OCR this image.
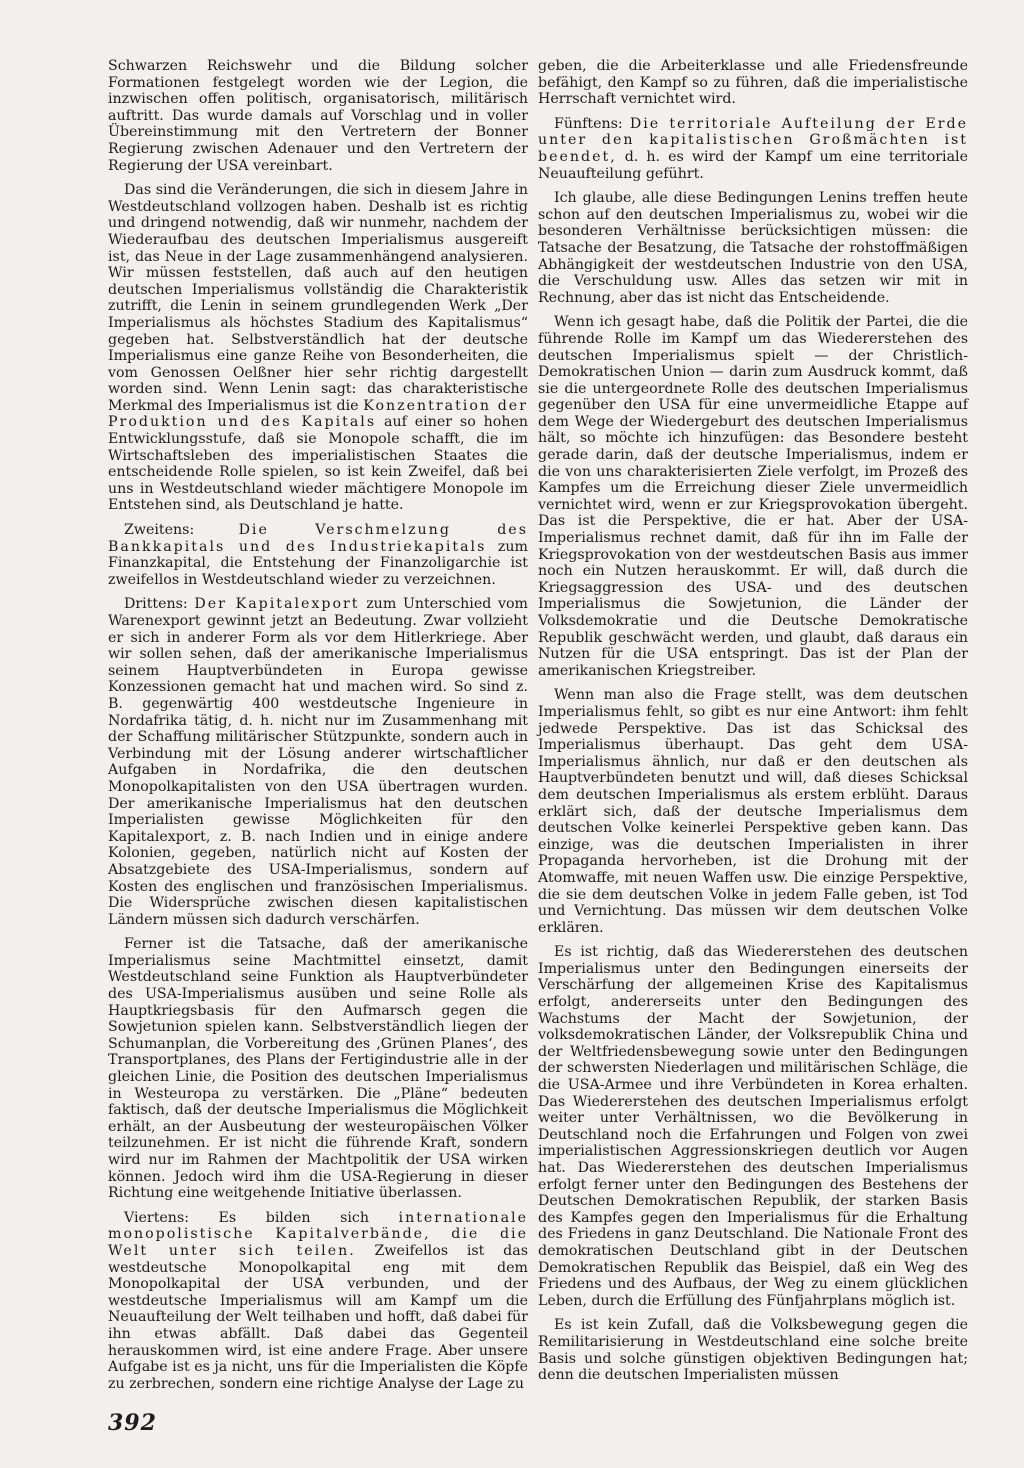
Schwarzen Reichswehr und die Bildung solcher Formationen festgelegt worden wie der Legion, die inzwischen offen politisch, organisatorisch, militärisch auftritt. Das wurde damals auf Vorschlag und in voller Übereinstimmung mit den Vertretern der Bonner Regierung zwischen Adenauer und den Vertretern der Regierung der USA vereinbart.

Das sind die Veränderungen, die sich in diesem Jahre in Westdeutschland vollzogen haben. Deshalb ist es richtig und dringend notwendig, daß wir nunmehr, nachdem der Wiederaufbau des deutschen Imperialismus ausgereift ist, das Neue in der Lage zusammenhängend analysieren. Wir müssen feststellen, daß auch auf den heutigen deutschen Imperialismus vollständig die Charakteristik zutrifft, die Lenin in seinem grundlegenden Werk „Der Imperialismus als höchstes Stadium des Kapitalismus“ gegeben hat. Selbstverständlich hat der deutsche Imperialismus eine ganze Reihe von Besonderheiten, die vom Genossen Oelßner hier sehr richtig dargestellt worden sind. Wenn Lenin sagt: das charakteristische Merkmal des Imperialismus ist die Konzentration der Produktion und des Kapitals auf einer so hohen Entwicklungsstufe, daß sie Monopole schafft, die im Wirtschaftsleben des imperialistischen Staates die entscheidende Rolle spielen, so ist kein Zweifel, daß bei uns in Westdeutschland wieder mächtigere Monopole im Entstehen sind, als Deutschland je hatte.

Zweitens: Die Verschmelzung des Bankkapitals und des Industriekapitals zum Finanzkapital, die Entstehung der Finanzoligarchie ist zweifellos in Westdeutschland wieder zu verzeichnen.

Drittens: Der Kapitalexport zum Unterschied vom Warenexport gewinnt jetzt an Bedeutung. Zwar vollzieht er sich in anderer Form als vor dem Hitlerkriege. Aber wir sollen sehen, daß der amerikanische Imperialismus seinem Hauptverbündeten in Europa gewisse Konzessionen gemacht hat und machen wird. So sind z. B. gegenwärtig 400 westdeutsche Ingenieure in Nordafrika tätig, d. h. nicht nur im Zusammenhang mit der Schaffung militärischer Stützpunkte, sondern auch in Verbindung mit der Lösung anderer wirtschaftlicher Aufgaben in Nordafrika, die den deutschen Monopolkapitalisten von den USA übertragen wurden. Der amerikanische Imperialismus hat den deutschen Imperialisten gewisse Möglichkeiten für den Kapitalexport, z. B. nach Indien und in einige andere Kolonien, gegeben, natürlich nicht auf Kosten der Absatzgebiete des USA-Imperialismus, sondern auf Kosten des englischen und französischen Imperialismus. Die Widersprüche zwischen diesen kapitalistischen Ländern müssen sich dadurch verschärfen.

Ferner ist die Tatsache, daß der amerikanische Imperialismus seine Machtmittel einsetzt, damit Westdeutschland seine Funktion als Hauptverbündeter des USA-Imperialismus ausüben und seine Rolle als Hauptkriegsbasis für den Aufmarsch gegen die Sowjetunion spielen kann. Selbstverständlich liegen der Schumanplan, die Vorbereitung des ‚Grünen Planes‘, des Transportplanes, des Plans der Fertigindustrie alle in der gleichen Linie, die Position des deutschen Imperialismus in Westeuropa zu verstärken. Die „Pläne“ bedeuten faktisch, daß der deutsche Imperialismus die Möglichkeit erhält, an der Ausbeutung der westeuropäischen Völker teilzunehmen. Er ist nicht die führende Kraft, sondern wird nur im Rahmen der Machtpolitik der USA wirken können. Jedoch wird ihm die USA-Regierung in dieser Richtung eine weitgehende Initiative überlassen.

Viertens: Es bilden sich internationale monopolistische Kapitalverbände, die die Welt unter sich teilen. Zweifellos ist das westdeutsche Monopolkapital eng mit dem Monopolkapital der USA verbunden, und der westdeutsche Imperialismus will am Kampf um die Neuaufteilung der Welt teilhaben und hofft, daß dabei für ihn etwas abfällt. Daß dabei das Gegenteil herauskommen wird, ist eine andere Frage. Aber unsere Aufgabe ist es ja nicht, uns für die Imperialisten die Köpfe zu zerbrechen, sondern eine richtige Analyse der Lage zu

geben, die die Arbeiterklasse und alle Friedensfreunde befähigt, den Kampf so zu führen, daß die imperialistische Herrschaft vernichtet wird.

Fünftens: Die territoriale Aufteilung der Erde unter den kapitalistischen Großmächten ist beendet, d. h. es wird der Kampf um eine territoriale Neuaufteilung geführt.

Ich glaube, alle diese Bedingungen Lenins treffen heute schon auf den deutschen Imperialismus zu, wobei wir die besonderen Verhältnisse berücksichtigen müssen: die Tatsache der Besatzung, die Tatsache der rohstoffmäßigen Abhängigkeit der westdeutschen Industrie von den USA, die Verschuldung usw. Alles das setzen wir mit in Rechnung, aber das ist nicht das Entscheidende.

Wenn ich gesagt habe, daß die Politik der Partei, die die führende Rolle im Kampf um das Wiedererstehen des deutschen Imperialismus spielt — der Christlich-Demokratischen Union — darin zum Ausdruck kommt, daß sie die untergeordnete Rolle des deutschen Imperialismus gegenüber den USA für eine unvermeidliche Etappe auf dem Wege der Wiedergeburt des deutschen Imperialismus hält, so möchte ich hinzufügen: das Besondere besteht gerade darin, daß der deutsche Imperialismus, indem er die von uns charakterisierten Ziele verfolgt, im Prozeß des Kampfes um die Erreichung dieser Ziele unvermeidlich vernichtet wird, wenn er zur Kriegsprovokation übergeht. Das ist die Perspektive, die er hat. Aber der USA-Imperialismus rechnet damit, daß für ihn im Falle der Kriegsprovokation von der westdeutschen Basis aus immer noch ein Nutzen herauskommt. Er will, daß durch die Kriegsaggression des USA- und des deutschen Imperialismus die Sowjetunion, die Länder der Volksdemokratie und die Deutsche Demokratische Republik geschwächt werden, und glaubt, daß daraus ein Nutzen für die USA entspringt. Das ist der Plan der amerikanischen Kriegstreiber.

Wenn man also die Frage stellt, was dem deutschen Imperialismus fehlt, so gibt es nur eine Antwort: ihm fehlt jedwede Perspektive. Das ist das Schicksal des Imperialismus überhaupt. Das geht dem USA-Imperialismus ähnlich, nur daß er den deutschen als Hauptverbündeten benutzt und will, daß dieses Schicksal dem deutschen Imperialismus als erstem erblüht. Daraus erklärt sich, daß der deutsche Imperialismus dem deutschen Volke keinerlei Perspektive geben kann. Das einzige, was die deutschen Imperialisten in ihrer Propaganda hervorheben, ist die Drohung mit der Atomwaffe, mit neuen Waffen usw. Die einzige Perspektive, die sie dem deutschen Volke in jedem Falle geben, ist Tod und Vernichtung. Das müssen wir dem deutschen Volke erklären.

Es ist richtig, daß das Wiedererstehen des deutschen Imperialismus unter den Bedingungen einerseits der Verschärfung der allgemeinen Krise des Kapitalismus erfolgt, andererseits unter den Bedingungen des Wachstums der Macht der Sowjetunion, der volksdemokratischen Länder, der Volksrepublik China und der Weltfriedensbewegung sowie unter den Bedingungen der schwersten Niederlagen und militärischen Schläge, die die USA-Armee und ihre Verbündeten in Korea erhalten. Das Wiedererstehen des deutschen Imperialismus erfolgt weiter unter Verhältnissen, wo die Bevölkerung in Deutschland noch die Erfahrungen und Folgen von zwei imperialistischen Aggressionskriegen deutlich vor Augen hat. Das Wiedererstehen des deutschen Imperialismus erfolgt ferner unter den Bedingungen des Bestehens der Deutschen Demokratischen Republik, der starken Basis des Kampfes gegen den Imperialismus für die Erhaltung des Friedens in ganz Deutschland. Die Nationale Front des demokratischen Deutschland gibt in der Deutschen Demokratischen Republik das Beispiel, daß ein Weg des Friedens und des Aufbaus, der Weg zu einem glücklichen Leben, durch die Erfüllung des Fünfjahrplans möglich ist.

Es ist kein Zufall, daß die Volksbewegung gegen die Remilitarisierung in Westdeutschland eine solche breite Basis und solche günstigen objektiven Bedingungen hat; denn die deutschen Imperialisten müssen

392
